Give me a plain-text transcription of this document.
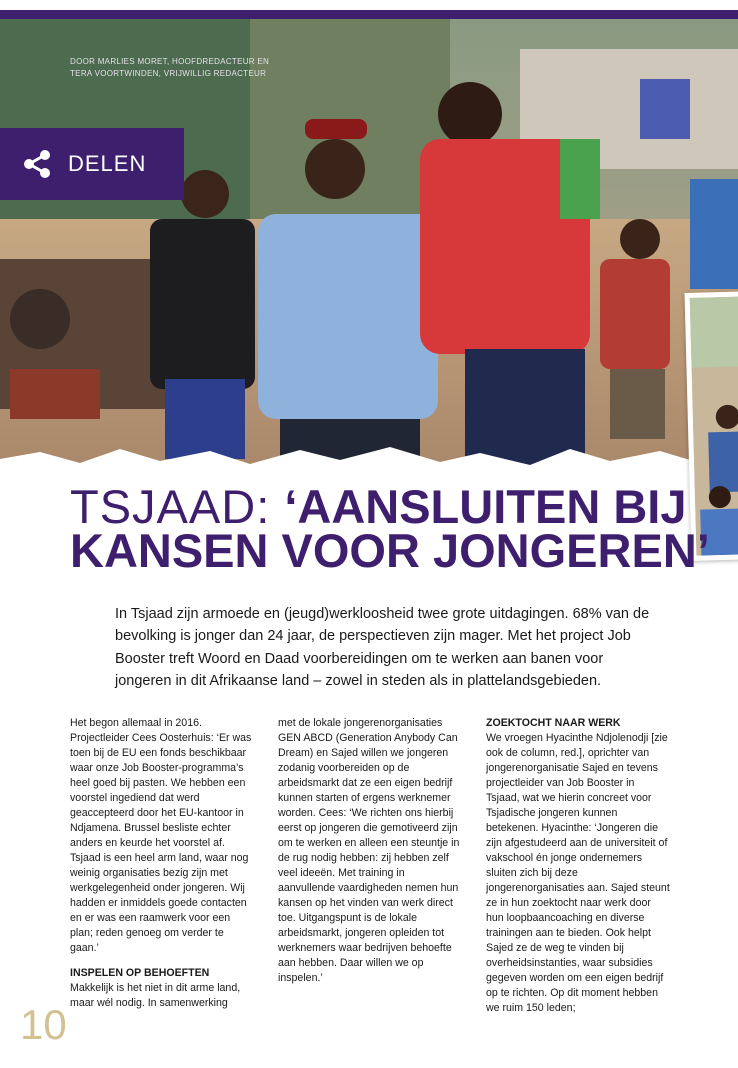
DOOR MARLIES MORET, HOOFDREDACTEUR EN TERA VOORTWINDEN, VRIJWILLIG REDACTEUR
DELEN
TSJAAD: ‘AANSLUITEN BIJ KANSEN VOOR JONGEREN’
In Tsjaad zijn armoede en (jeugd)werkloosheid twee grote uitdagingen. 68% van de bevolking is jonger dan 24 jaar, de perspectieven zijn mager. Met het project Job Booster treft Woord en Daad voorbereidingen om te werken aan banen voor jongeren in dit Afrikaanse land – zowel in steden als in plattelandsgebieden.

Het begon allemaal in 2016. Projectleider Cees Oosterhuis: ‘Er was toen bij de EU een fonds beschikbaar waar onze Job Booster-programma’s heel goed bij pasten. We hebben een voorstel ingediend dat werd geaccepteerd door het EU-kantoor in Ndjamena. Brussel besliste echter anders en keurde het voorstel af. Tsjaad is een heel arm land, waar nog weinig organisaties bezig zijn met werkgelegenheid onder jongeren. Wij hadden er inmiddels goede contacten en er was een raamwerk voor een plan; reden genoeg om verder te gaan.’

INSPELEN OP BEHOEFTEN

Makkelijk is het niet in dit arme land, maar wél nodig. In samenwerking

met de lokale jongerenorganisaties GEN ABCD (Generation Anybody Can Dream) en Sajed willen we jongeren zodanig voorbereiden op de arbeidsmarkt dat ze een eigen bedrijf kunnen starten of ergens werknemer worden. Cees: ‘We richten ons hierbij eerst op jongeren die gemotiveerd zijn om te werken en alleen een steuntje in de rug nodig hebben: zij hebben zelf veel ideeën. Met training in aanvullende vaardigheden nemen hun kansen op het vinden van werk direct toe. Uitgangspunt is de lokale arbeidsmarkt, jongeren opleiden tot werknemers waar bedrijven behoefte aan hebben. Daar willen we op inspelen.’

ZOEKTOCHT NAAR WERK

We vroegen Hyacinthe Ndjolenodji [zie ook de column, red.], oprichter van jongerenorganisatie Sajed en tevens projectleider van Job Booster in Tsjaad, wat we hierin concreet voor Tsjadische jongeren kunnen betekenen. Hyacinthe: ‘Jongeren die zijn afgestudeerd aan de universiteit of vakschool én jonge ondernemers sluiten zich bij deze jongerenorganisaties aan. Sajed steunt ze in hun zoektocht naar werk door hun loopbaancoaching en diverse trainingen aan te bieden. Ook helpt Sajed ze de weg te vinden bij overheidsinstanties, waar subsidies gegeven worden om een eigen bedrijf op te richten. Op dit moment hebben we ruim 150 leden;

10
